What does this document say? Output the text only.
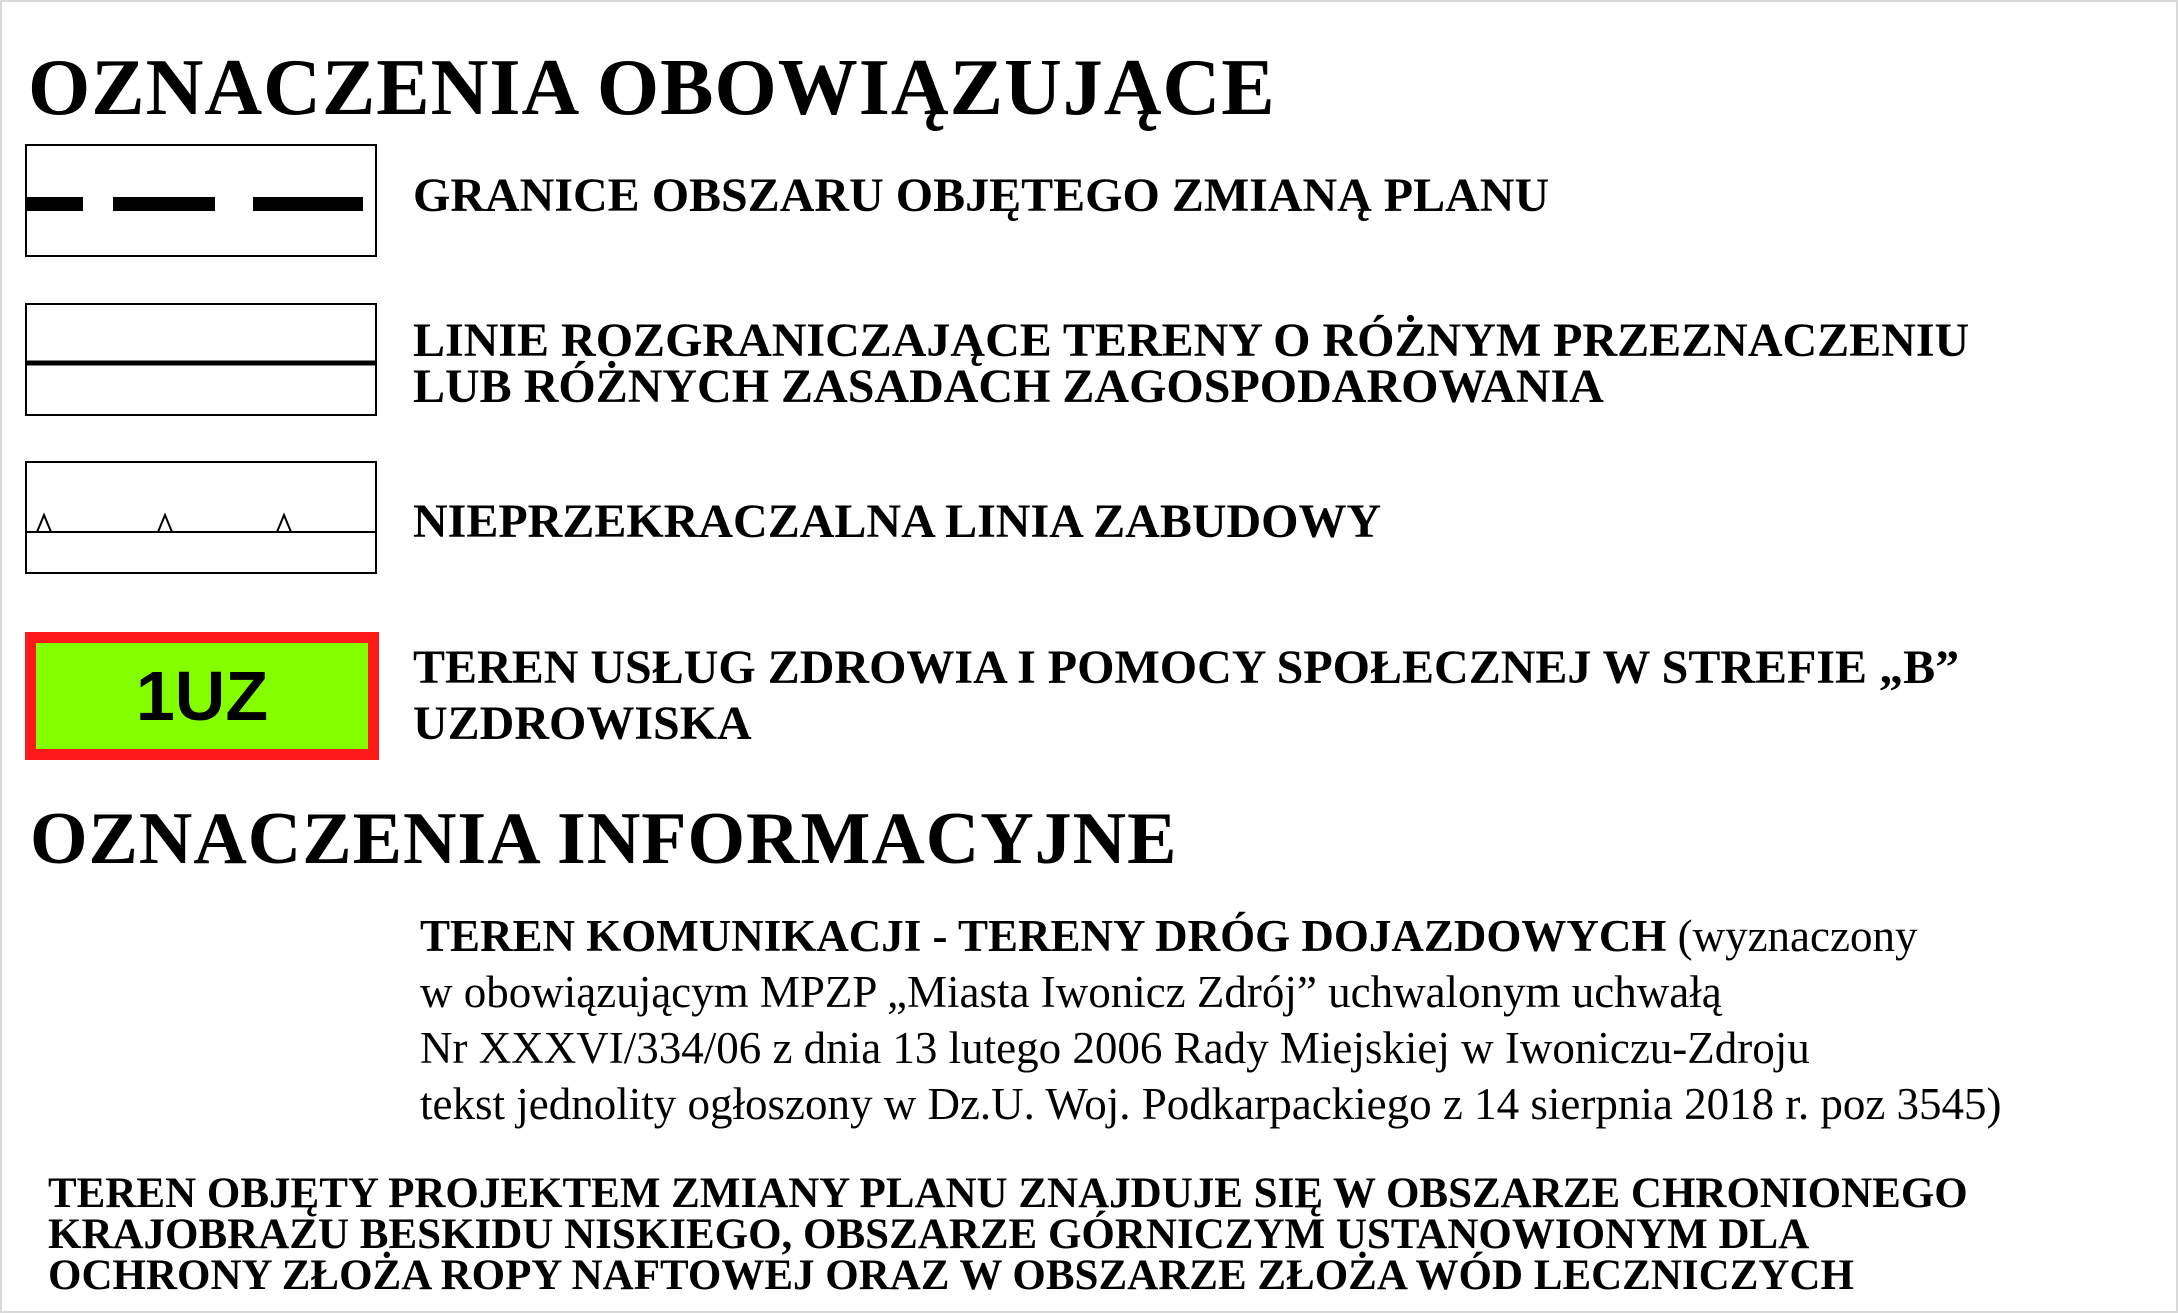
OZNACZENIA OBOWIĄZUJĄCE
GRANICE OBSZARU OBJĘTEGO ZMIANĄ PLANU
LINIE ROZGRANICZAJĄCE TERENY O RÓŻNYM PRZEZNACZENIU
LUB RÓŻNYCH ZASADACH ZAGOSPODAROWANIA
NIEPRZEKRACZALNA LINIA ZABUDOWY
1UZ	TEREN USŁUG ZDROWIA I POMOCY SPOŁECZNEJ W STREFIE „B”
UZDROWISKA
OZNACZENIA INFORMACYJNE
TEREN KOMUNIKACJI - TERENY DRÓG DOJAZDOWYCH (wyznaczony
w obowiązującym MPZP „Miasta Iwonicz Zdrój” uchwalonym uchwałą
Nr XXXVI/334/06 z dnia 13 lutego 2006 Rady Miejskiej w Iwoniczu-Zdroju
tekst jednolity ogłoszony w Dz.U. Woj. Podkarpackiego z 14 sierpnia 2018 r. poz 3545)
TEREN OBJĘTY PROJEKTEM ZMIANY PLANU ZNAJDUJE SIĘ W OBSZARZE CHRONIONEGO
KRAJOBRAZU BESKIDU NISKIEGO, OBSZARZE GÓRNICZYM USTANOWIONYM DLA
OCHRONY ZŁOŻA ROPY NAFTOWEJ ORAZ W OBSZARZE ZŁOŻA WÓD LECZNICZYCH
